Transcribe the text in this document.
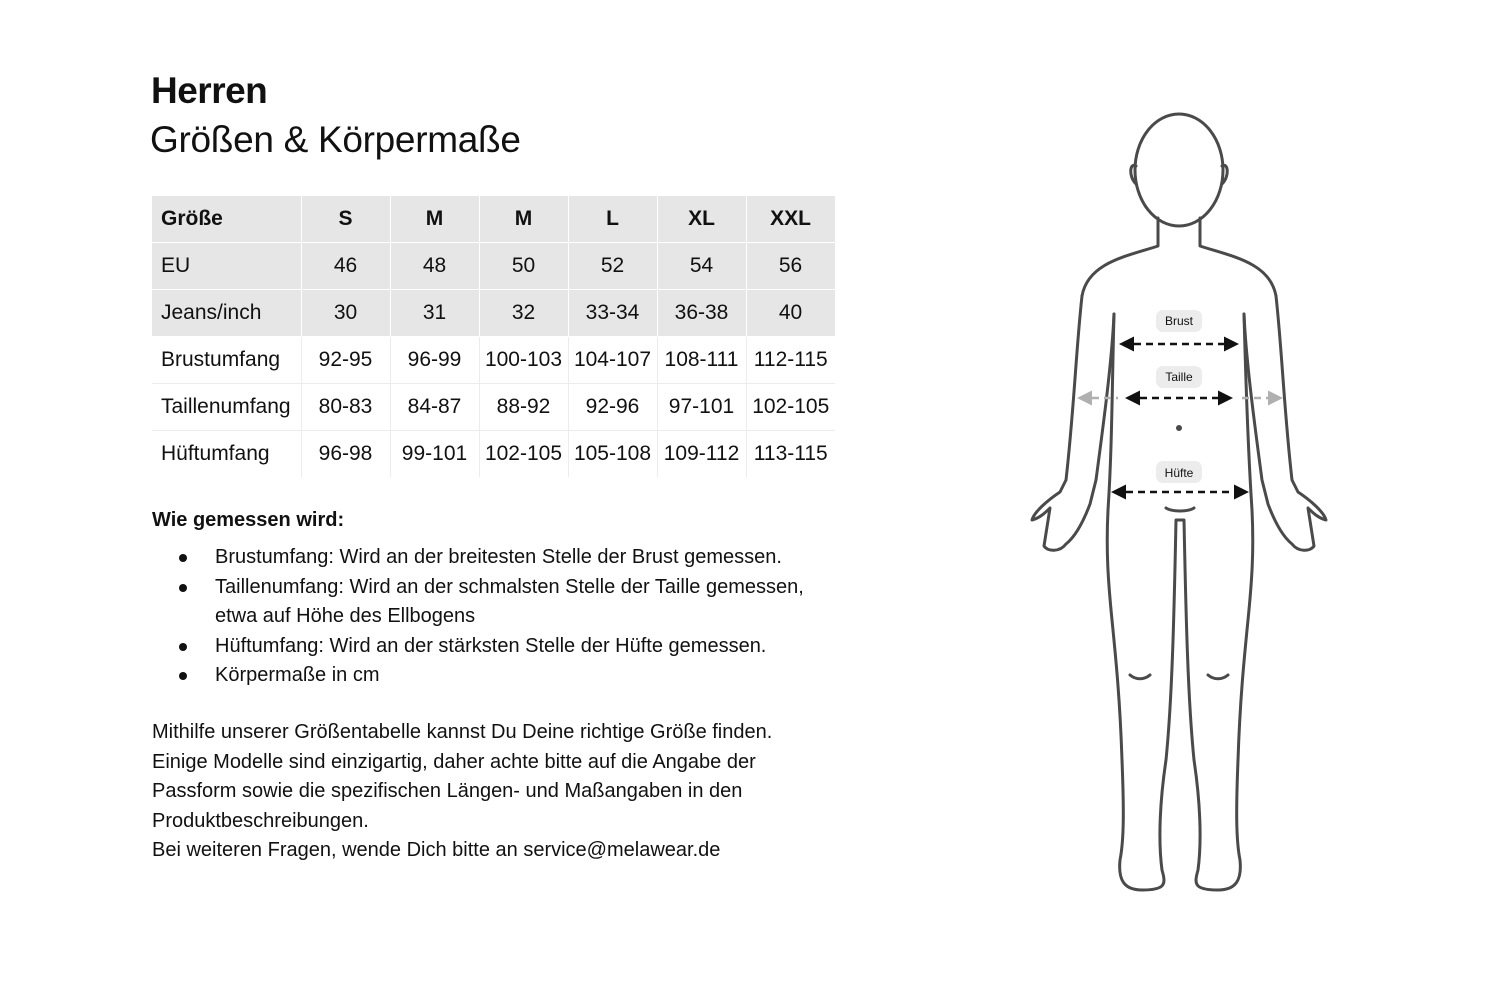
Herren
Größen & Körpermaße
Größe	S	M	M	L	XL	XXL
EU	46	48	50	52	54	56
Jeans/inch	30	31	32	33-34	36-38	40
Brustumfang	92-95	96-99	100-103	104-107	108-111	112-115
Taillenumfang	80-83	84-87	88-92	92-96	97-101	102-105
Hüftumfang	96-98	99-101	102-105	105-108	109-112	113-115
Wie gemessen wird:
Brustumfang: Wird an der breitesten Stelle der Brust gemessen.
Taillenumfang: Wird an der schmalsten Stelle der Taille gemessen, etwa auf Höhe des Ellbogens
Hüftumfang: Wird an der stärksten Stelle der Hüfte gemessen.
Körpermaße in cm
Mithilfe unserer Größentabelle kannst Du Deine richtige Größe finden.
Einige Modelle sind einzigartig, daher achte bitte auf die Angabe der
Passform sowie die spezifischen Längen- und Maßangaben in den
Produktbeschreibungen.
Bei weiteren Fragen, wende Dich bitte an service@melawear.de
Brust
Taille
Hüfte
